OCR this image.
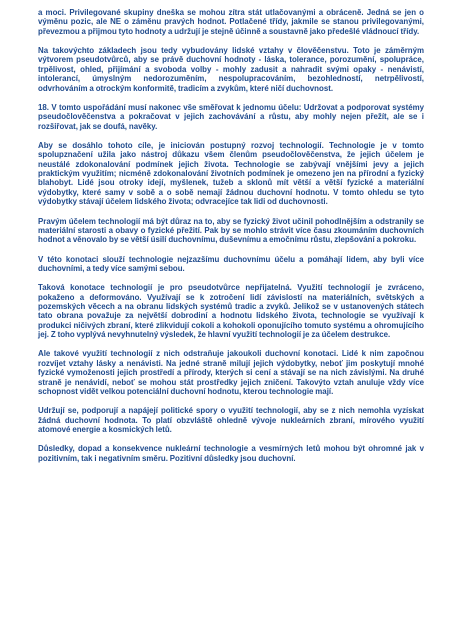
a moci. Privilegované skupiny dneška se mohou zítra stát utlačovanými a obráceně. Jedná se jen o výměnu pozic, ale NE o záměnu pravých hodnot. Potlačené třídy, jakmile se stanou privilegovanými, převezmou a přijmou tyto hodnoty a udržují je stejně účinně a soustavně jako předešlé vládnoucí třídy.

Na takovýchto základech jsou tedy vybudovány lidské vztahy v člověčenstvu. Toto je záměrným výtvorem pseudotvůrců, aby se právě duchovní hodnoty - láska, tolerance, porozumění, spolupráce, trpělivost, ohled, přijímání a svoboda volby - mohly zadusit a nahradit svými opaky - nenávistí, intolerancí, úmyslným nedorozuměním, nespolupracováním, bezohledností, netrpělivostí, odvrhováním a otrockým konformitě, tradicím a zvykům, které ničí duchovnost.

18. V tomto uspořádání musí nakonec vše směřovat k jednomu účelu: Udržovat a podporovat systémy pseudočlověčenstva a pokračovat v jejich zachovávání a růstu, aby mohly nejen přežít, ale se i rozšiřovat, jak se doufá, navěky.

Aby se dosáhlo tohoto cíle, je iniciován postupný rozvoj technologií. Technologie je v tomto spolupznačení užila jako nástroj důkazu všem členům pseudočlověčenstva, že jejich účelem je neustálé zdokonalování podmínek jejich života. Technologie se zabývají vnějšími jevy a jejich praktickým využitím; nicméně zdokonalování životních podmínek je omezeno jen na přírodní a fyzický blahobyt. Lidé jsou otroky idejí, myšlenek, tužeb a sklonů mít větší a větší fyzické a materiální výdobytky, které samy v sobě a o sobě nemají žádnou duchovní hodnotu. V tomto ohledu se tyto výdobytky stávají účelem lidského života; odvracejíce tak lidi od duchovnosti.

Pravým účelem technologií má být důraz na to, aby se fyzický život učinil pohodlnějším a odstranily se materiální starosti a obavy o fyzické přežití. Pak by se mohlo strávit více času zkoumáním duchovních hodnot a věnovalo by se větší úsilí duchovnímu, duševnímu a emočnímu růstu, zlepšování a pokroku.

V této konotaci slouží technologie nejzazšímu duchovnímu účelu a pomáhají lidem, aby byli více duchovními, a tedy více samými sebou.

Taková konotace technologií je pro pseudotvůrce nepřijatelná. Využití technologií je zvráceno, pokaženo a deformováno. Využívají se k zotročení lidí závislostí na materiálních, světských a pozemských věcech a na obranu lidských systémů tradic a zvyků. Jelikož se v ustanovených státech tato obrana považuje za největší dobrodiní a hodnotu lidského života, technologie se využívají k produkci ničivých zbraní, které zlikvidují cokoli a kohokoli oponujícího tomuto systému a ohromujícího jej. Z toho vyplývá nevyhnutelný výsledek, že hlavní využití technologií je za účelem destrukce.

Ale takové využití technologií z nich odstraňuje jakoukoli duchovní konotaci. Lidé k nim započnou rozvíjet vztahy lásky a nenávisti. Na jedné straně milují jejich výdobytky, neboť jim poskytují mnohé fyzické vymoženosti jejich prostředí a přírody, kterých si cení a stávají se na nich závislými. Na druhé straně je nenávidí, neboť se mohou stát prostředky jejich zničení. Takovýto vztah anuluje vždy více schopnost vidět velkou potenciální duchovní hodnotu, kterou technologie mají.

Udržují se, podporují a napájejí politické spory o využití technologií, aby se z nich nemohla vyzískat žádná duchovní hodnota. To platí obzvláště ohledně vývoje nukleárních zbraní, mírového využití atomové energie a kosmických letů.

Důsledky, dopad a konsekvence nukleární technologie a vesmírných letů mohou být ohromné jak v pozitivním, tak i negativním směru. Pozitivní důsledky jsou duchovní.
